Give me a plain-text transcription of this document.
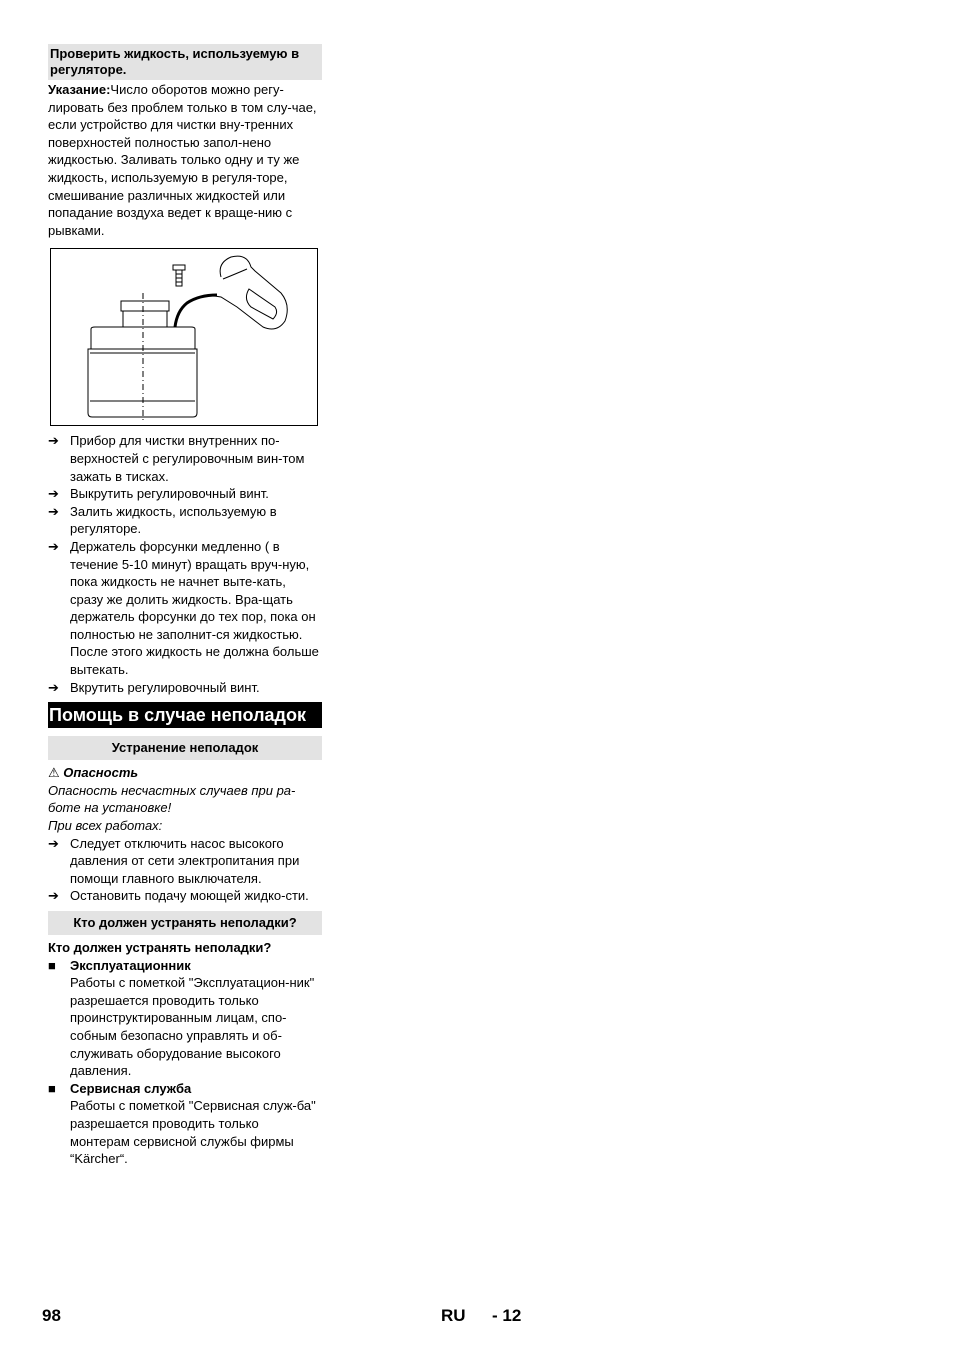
Проверить жидкость, используемую в регуляторе.

Указание:Число оборотов можно регу-лировать без проблем только в том слу-чае, если устройство для чистки вну-тренних поверхностей полностью запол-нено жидкостью. Заливать только одну и ту же жидкость, используемую в регуля-торе, смешивание различных жидкостей или попадание воздуха ведет к враще-нию с рывками.

➔ Прибор для чистки внутренних по-верхностей с регулировочным вин-том зажать в тисках.
➔ Выкрутить регулировочный винт.
➔ Залить жидкость, используемую в регуляторе.
➔ Держатель форсунки медленно ( в течение 5-10 минут) вращать вруч-ную, пока жидкость не начнет выте-кать, сразу же долить жидкость. Вра-щать держатель форсунки до тех пор, пока он полностью не заполнит-ся жидкостью. После этого жидкость не должна больше вытекать.
➔ Вкрутить регулировочный винт.
Помощь в случае неполадок
Устранение неполадок

⚠ Опасность

Опасность несчастных случаев при ра-боте на установке!

При всех работах:

➔ Следует отключить насос высокого давления от сети электропитания при помощи главного выключателя.
➔ Остановить подачу моющей жидко-сти.
Кто должен устранять неполадки?

Кто должен устранять неполадки?

■ Эксплуатационник
Работы с пометкой "Эксплуатацион-ник" разрешается проводить только проинструктированным лицам, спо-собным безопасно управлять и об-служивать оборудование высокого давления.
■ Сервисная служба
Работы с пометкой "Сервисная служ-ба" разрешается проводить только монтерам сервисной службы фирмы “Kärcher“.
98	RU - 12
